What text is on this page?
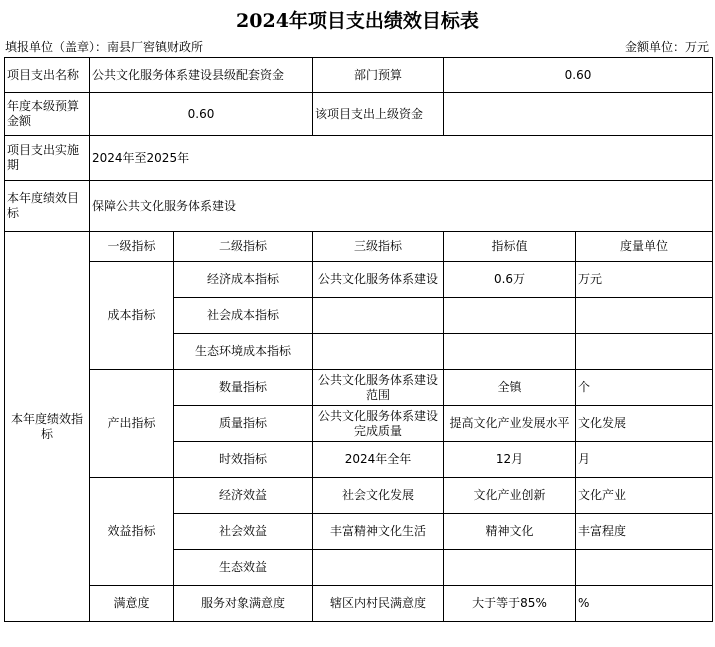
2024年项目支出绩效目标表
填报单位（盖章）：南县厂窖镇财政所	金额单位：万元
项目支出名称	公共文化服务体系建设县级配套资金		部门预算	0.60	
年度本级预算金额	0.60		该项目支出上级资金		
项目支出实施期	2024年至2025年				
本年度绩效目标	保障公共文化服务体系建设				
本年度绩效指标	一级指标	二级指标	三级指标	指标值	度量单位
	成本指标	经济成本指标	公共文化服务体系建设	0.6万	万元
		社会成本指标			
		生态环境成本指标			
	产出指标	数量指标	公共文化服务体系建设范围	全镇	个
		质量指标	公共文化服务体系建设完成质量	提高文化产业发展水平	文化发展
		时效指标	2024年全年	12月	月
	效益指标	经济效益	社会文化发展	文化产业创新	文化产业
		社会效益	丰富精神文化生活	精神文化	丰富程度
		生态效益			
	满意度	服务对象满意度	辖区内村民满意度	大于等于85%	%
